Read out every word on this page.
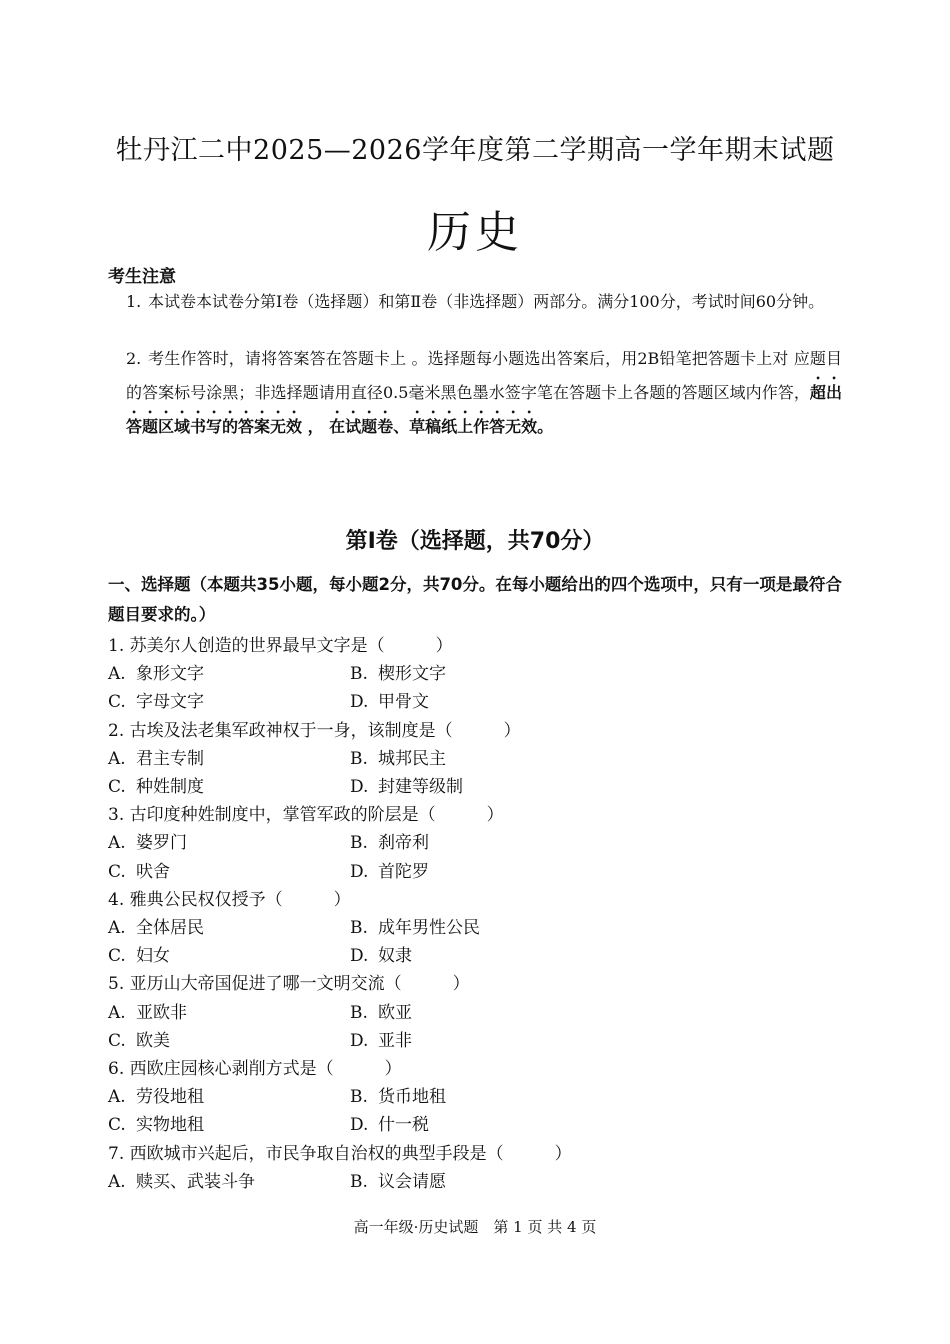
牡丹江二中2025—2026学年度第二学期高一学年期末试题
历史
考生注意
1. 本试卷本试卷分第Ⅰ卷（选择题）和第Ⅱ卷（非选择题）两部分。满分100分，考试时间60分钟。
2. 考生作答时，请将答案答在答题卡上 。选择题每小题选出答案后，用2B铅笔把答题卡上对 应题目的答案标号涂黑；非选择题请用直径0.5毫米黑色墨水签字笔在答题卡上各题的答题区域内作答，超出答题区域书写的答案无效 ， 在试题卷、草稿纸上作答无效。
第Ⅰ卷（选择题，共70分）
一、选择题（本题共35小题，每小题2分，共70分。在每小题给出的四个选项中，只有一项是最符合题目要求的。）
1. 苏美尔人创造的世界最早文字是（　　　）
A. 象形文字	B. 楔形文字
C. 字母文字	D. 甲骨文
2. 古埃及法老集军政神权于一身，该制度是（　　　）
A. 君主专制	B. 城邦民主
C. 种姓制度	D. 封建等级制
3. 古印度种姓制度中，掌管军政的阶层是（　　　）
A. 婆罗门	B. 刹帝利
C. 吠舍	D. 首陀罗
4. 雅典公民权仅授予（　　　）
A. 全体居民	B. 成年男性公民
C. 妇女	D. 奴隶
5. 亚历山大帝国促进了哪一文明交流（　　　）
A. 亚欧非	B. 欧亚
C. 欧美	D. 亚非
6. 西欧庄园核心剥削方式是（　　　）
A. 劳役地租	B. 货币地租
C. 实物地租	D. 什一税
7. 西欧城市兴起后，市民争取自治权的典型手段是（　　　）
A. 赎买、武装斗争	B. 议会请愿
高一年级·历史试题　第 1 页 共 4 页
